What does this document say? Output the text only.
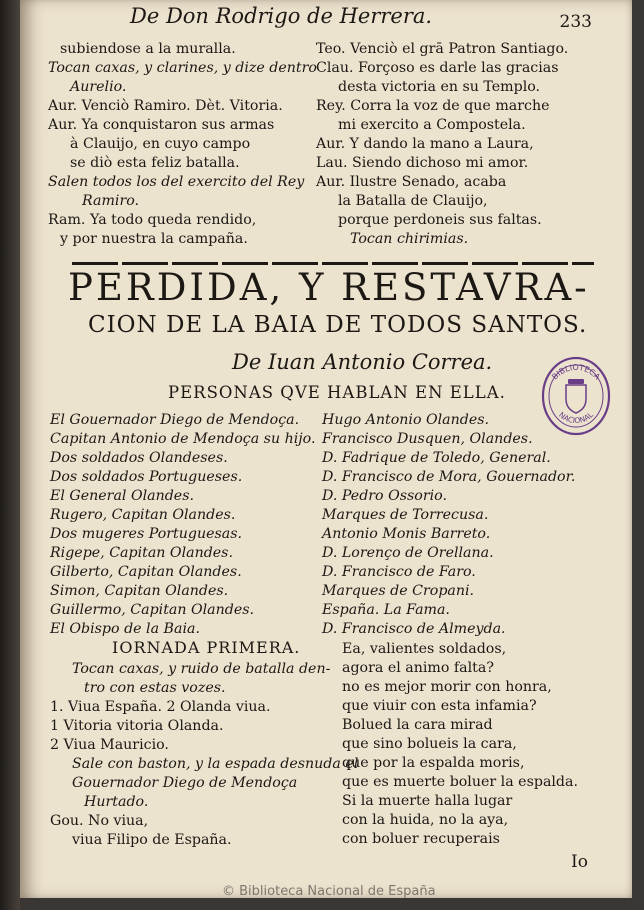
De Don Rodrigo de Herrera.	233
subiendose a la muralla.
Tocan caxas, y clarines, y dize dentro
Aurelio.
Aur. Venciò Ramiro. Dèt. Vitoria.
Aur. Ya conquistaron sus armas
à Clauijo, en cuyo campo
se diò esta feliz batalla.
Salen todos los del exercito del Rey
Ramiro.
Ram. Ya todo queda rendido,
y por nuestra la campaña.
Teo. Venciò el grā Patron Santiago.
Clau. Forçoso es darle las gracias
desta victoria en su Templo.
Rey. Corra la voz de que marche
mi exercito a Compostela.
Aur. Y dando la mano a Laura,
Lau. Siendo dichoso mi amor.
Aur. Ilustre Senado, acaba
la Batalla de Clauijo,
porque perdoneis sus faltas.
Tocan chirimias.
PERDIDA, Y RESTAVRA-
CION DE LA BAIA DE TODOS SANTOS.
De Iuan Antonio Correa.
PERSONAS QVE HABLAN EN ELLA.
BIBLIOTECA
NACIONAL
El Gouernador Diego de Mendoça.
Capitan Antonio de Mendoça su hijo.
Dos soldados Olandeses.
Dos soldados Portugueses.
El General Olandes.
Rugero, Capitan Olandes.
Dos mugeres Portuguesas.
Rigepe, Capitan Olandes.
Gilberto, Capitan Olandes.
Simon, Capitan Olandes.
Guillermo, Capitan Olandes.
El Obispo de la Baia.
Hugo Antonio Olandes.
Francisco Dusquen, Olandes.
D. Fadrique de Toledo, General.
D. Francisco de Mora, Gouernador.
D. Pedro Ossorio.
Marques de Torrecusa.
Antonio Monis Barreto.
D. Lorenço de Orellana.
D. Francisco de Faro.
Marques de Cropani.
España. La Fama.
D. Francisco de Almeyda.
IORNADA PRIMERA.
Tocan caxas, y ruido de batalla den-
tro con estas vozes.
1. Viua España. 2 Olanda viua.
1 Vitoria vitoria Olanda.
2 Viua Mauricio.
Sale con baston, y la espada desnuda el
Gouernador Diego de Mendoça
Hurtado.
Gou. No viua,
viua Filipo de España.
Ea, valientes soldados,
agora el animo falta?
no es mejor morir con honra,
que viuir con esta infamia?
Bolued la cara mirad
que sino bolueis la cara,
que por la espalda moris,
que es muerte boluer la espalda.
Si la muerte halla lugar
con la huida, no la aya,
con boluer recuperais
Io
© Biblioteca Nacional de España
